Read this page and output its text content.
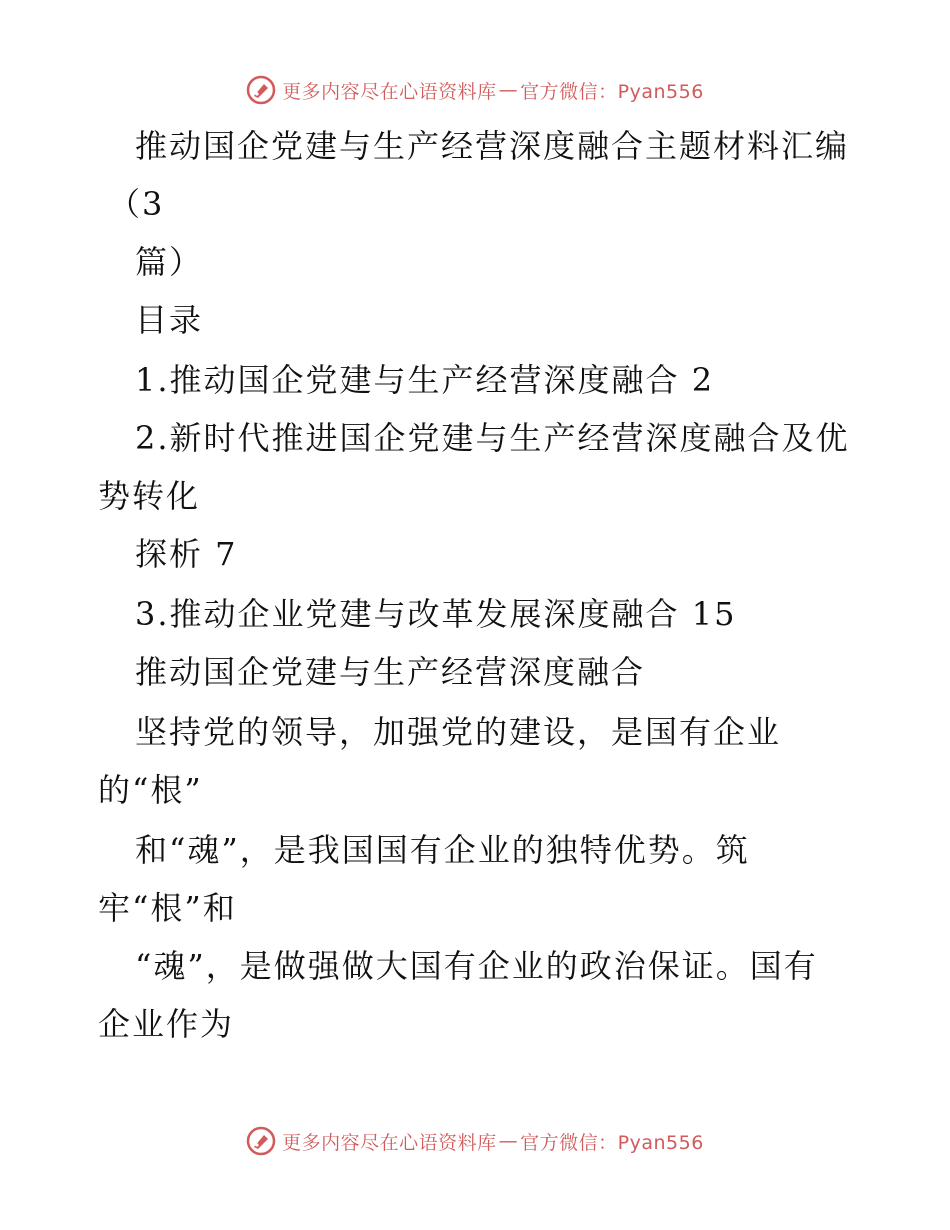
更多内容尽在心语资料库 — 官方微信：Pyan556
推动国企党建与生产经营深度融合主题材料汇编
（3
篇）
目录
1.推动国企党建与生产经营深度融合 2
2.新时代推进国企党建与生产经营深度融合及优
势转化
探析 7
3.推动企业党建与改革发展深度融合 15
推动国企党建与生产经营深度融合
坚持党的领导，加强党的建设，是国有企业
的“根”
和“魂”，是我国国有企业的独特优势。筑
牢“根”和
“魂”，是做强做大国有企业的政治保证。国有
企业作为
更多内容尽在心语资料库 — 官方微信：Pyan556
